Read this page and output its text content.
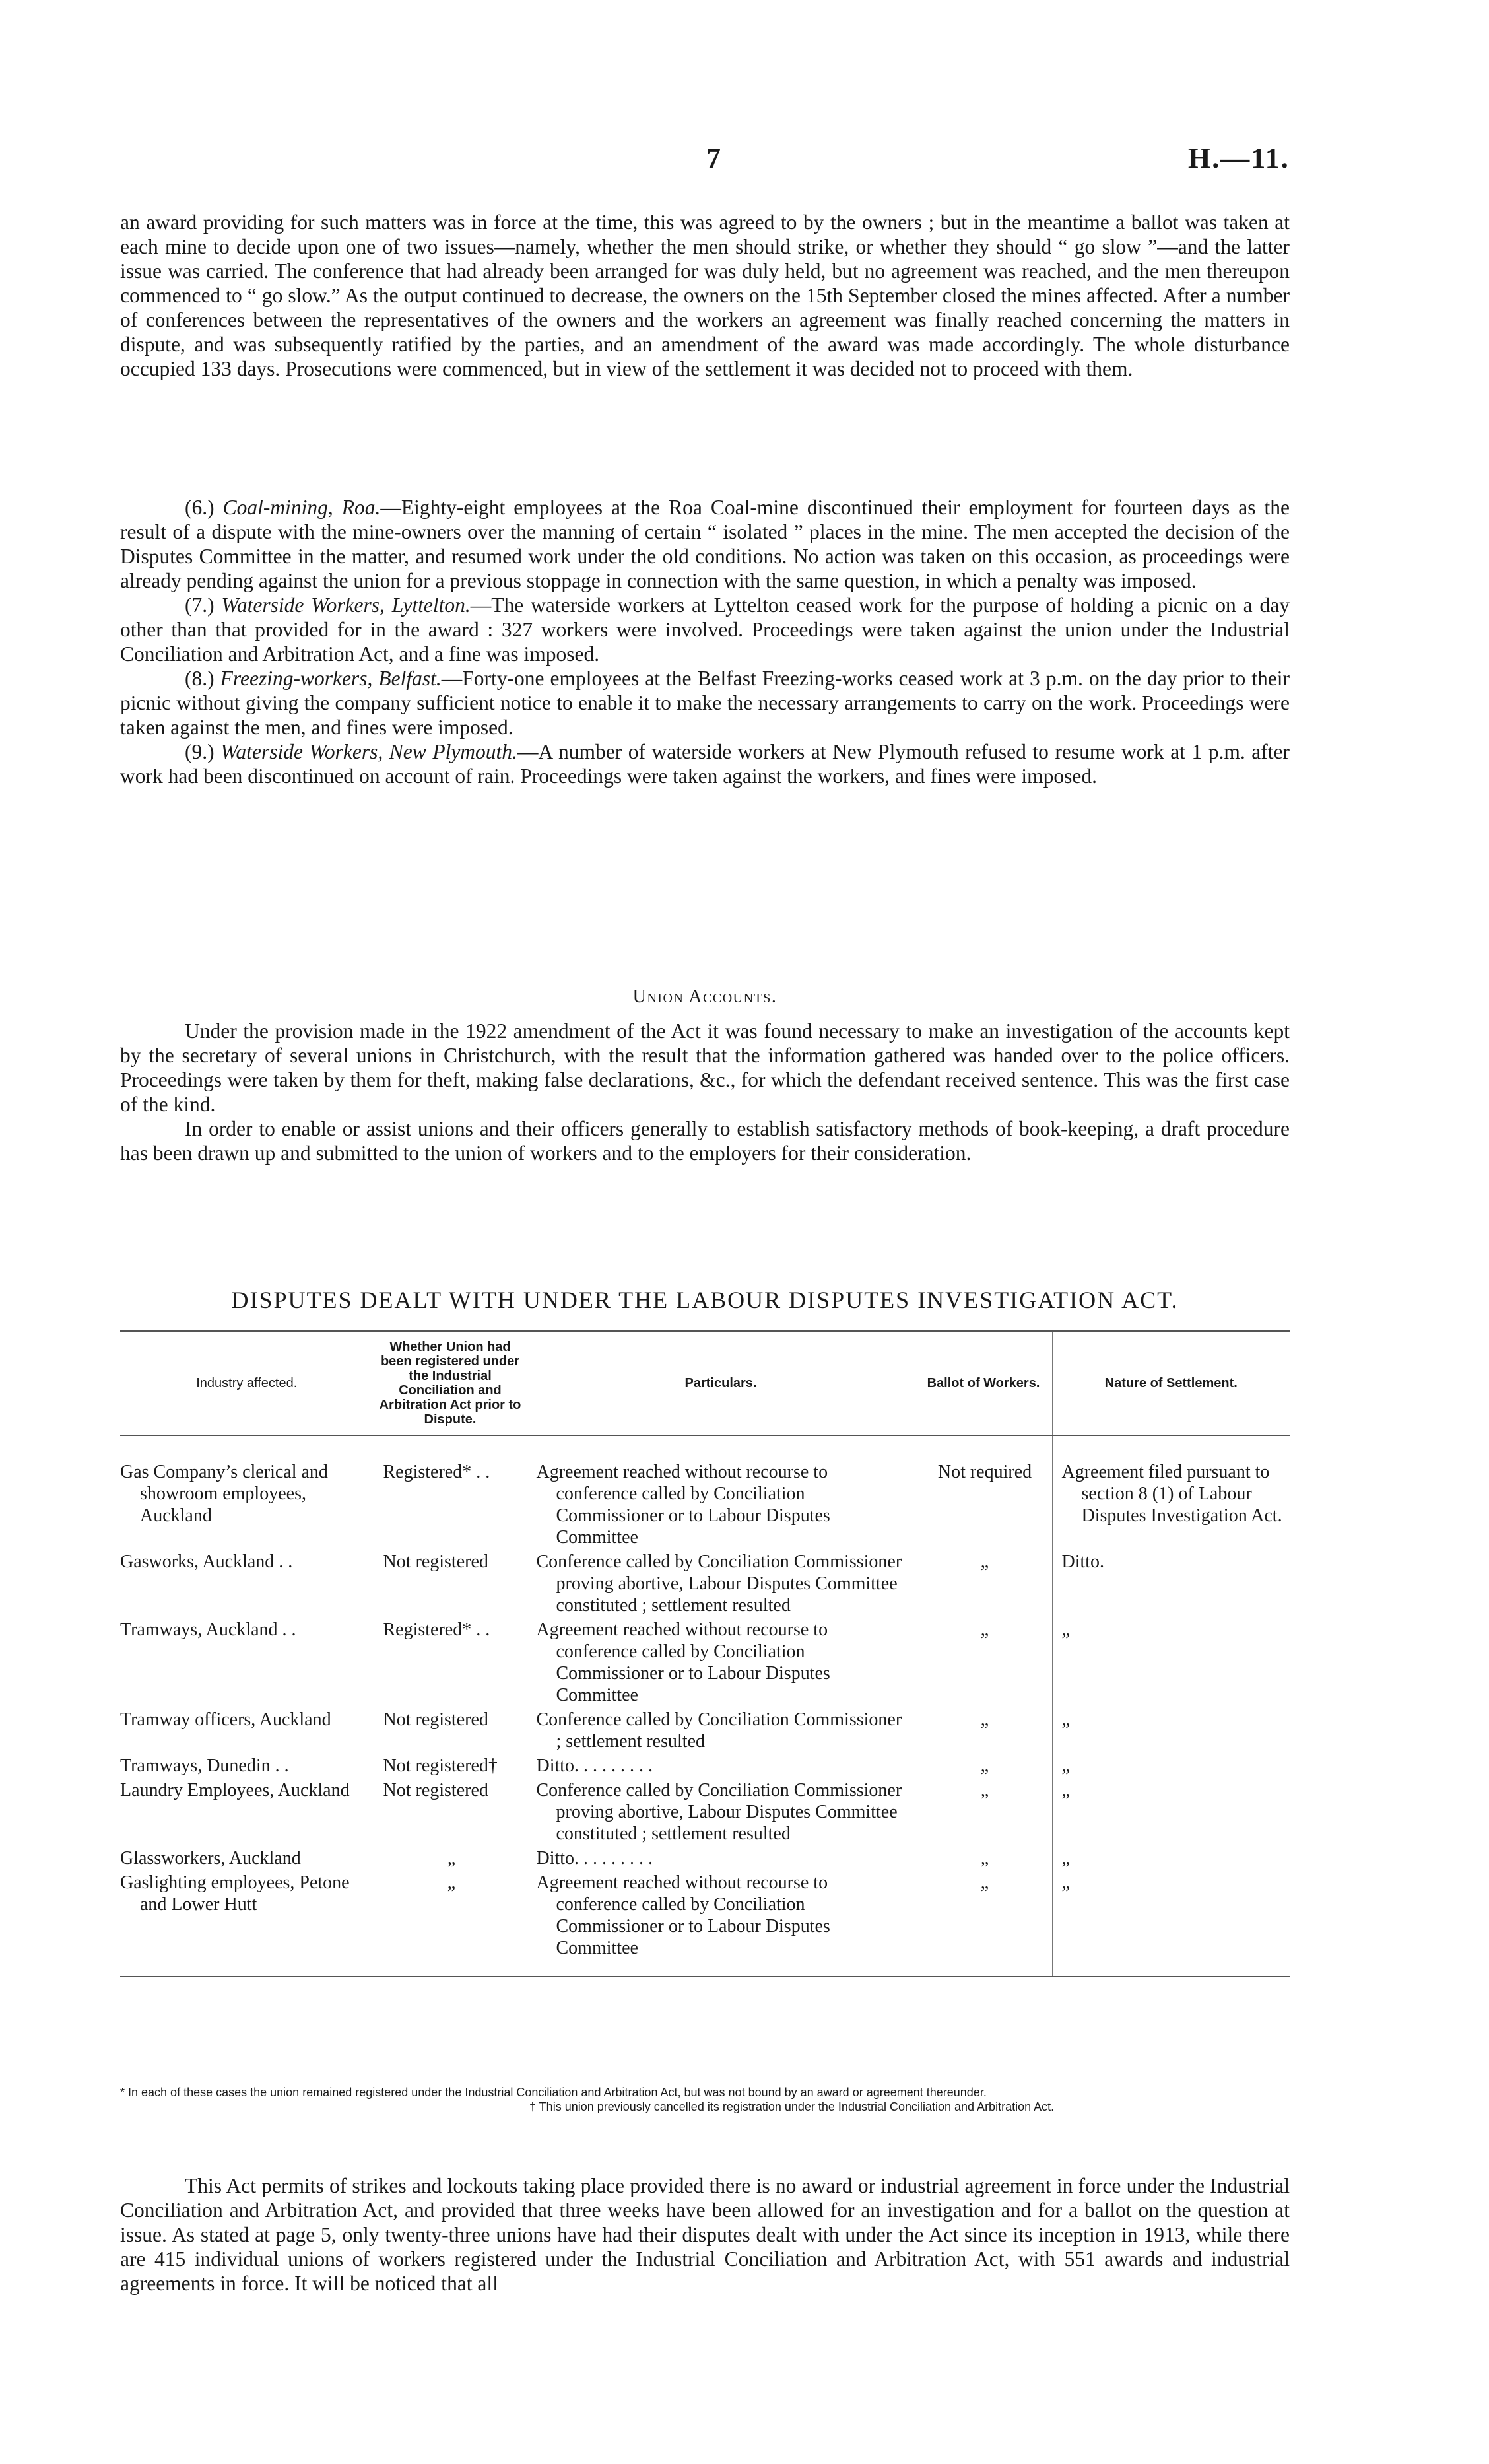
7	H.—11.

an award providing for such matters was in force at the time, this was agreed to by the owners ; but in the meantime a ballot was taken at each mine to decide upon one of two issues—namely, whether the men should strike, or whether they should “ go slow ”—and the latter issue was carried. The conference that had already been arranged for was duly held, but no agreement was reached, and the men thereupon commenced to “ go slow.” As the output continued to decrease, the owners on the 15th September closed the mines affected. After a number of conferences between the representatives of the owners and the workers an agreement was finally reached concerning the matters in dispute, and was subsequently ratified by the parties, and an amendment of the award was made accordingly. The whole disturbance occupied 133 days. Prosecutions were commenced, but in view of the settlement it was decided not to proceed with them.

(6.) Coal-mining, Roa.—Eighty-eight employees at the Roa Coal-mine discontinued their employment for fourteen days as the result of a dispute with the mine-owners over the manning of certain “ isolated ” places in the mine. The men accepted the decision of the Disputes Committee in the matter, and resumed work under the old conditions. No action was taken on this occasion, as proceedings were already pending against the union for a previous stoppage in connection with the same question, in which a penalty was imposed.

(7.) Waterside Workers, Lyttelton.—The waterside workers at Lyttelton ceased work for the purpose of holding a picnic on a day other than that provided for in the award : 327 workers were involved. Proceedings were taken against the union under the Industrial Conciliation and Arbitration Act, and a fine was imposed.

(8.) Freezing-workers, Belfast.—Forty-one employees at the Belfast Freezing-works ceased work at 3 p.m. on the day prior to their picnic without giving the company sufficient notice to enable it to make the necessary arrangements to carry on the work. Proceedings were taken against the men, and fines were imposed.

(9.) Waterside Workers, New Plymouth.—A number of waterside workers at New Plymouth refused to resume work at 1 p.m. after work had been discontinued on account of rain. Proceedings were taken against the workers, and fines were imposed.

Union Accounts.

Under the provision made in the 1922 amendment of the Act it was found necessary to make an investigation of the accounts kept by the secretary of several unions in Christchurch, with the result that the information gathered was handed over to the police officers. Proceedings were taken by them for theft, making false declarations, &c., for which the defendant received sentence. This was the first case of the kind.

In order to enable or assist unions and their officers generally to establish satisfactory methods of book-keeping, a draft procedure has been drawn up and submitted to the union of workers and to the employers for their consideration.

DISPUTES DEALT WITH UNDER THE LABOUR DISPUTES INVESTIGATION ACT.
Industry affected.	Whether Union had been registered under the Industrial Conciliation and Arbitration Act prior to Dispute.	Particulars.	Ballot of Workers.	Nature of Settlement.
Gas Company’s clerical and showroom employees, Auckland	Registered* . .	Agreement reached without recourse to conference called by Conciliation Commissioner or to Labour Disputes Committee	Not required	Agreement filed pursuant to section 8 (1) of Labour Disputes Investigation Act.
Gasworks, Auckland . .	Not registered	Conference called by Conciliation Commissioner proving abortive, Labour Disputes Committee constituted ; settlement resulted	„	Ditto.
Tramways, Auckland . .	Registered* . .	Agreement reached without recourse to conference called by Conciliation Commissioner or to Labour Disputes Committee	„	„
Tramway officers, Auckland	Not registered	Conference called by Conciliation Commissioner ; settlement resulted	„	„
Tramways, Dunedin . .	Not registered†	Ditto. . . . . . . . .	„	„
Laundry Employees, Auckland	Not registered	Conference called by Conciliation Commissioner proving abortive, Labour Disputes Committee constituted ; settlement resulted	„	„
Glassworkers, Auckland	„	Ditto. . . . . . . . .	„	„
Gaslighting employees, Petone and Lower Hutt	„	Agreement reached without recourse to conference called by Conciliation Commissioner or to Labour Disputes Committee	„	„
* In each of these cases the union remained registered under the Industrial Conciliation and Arbitration Act, but was not bound by an award or agreement thereunder.
† This union previously cancelled its registration under the Industrial Conciliation and Arbitration Act.

This Act permits of strikes and lockouts taking place provided there is no award or industrial agreement in force under the Industrial Conciliation and Arbitration Act, and provided that three weeks have been allowed for an investigation and for a ballot on the question at issue. As stated at page 5, only twenty-three unions have had their disputes dealt with under the Act since its inception in 1913, while there are 415 individual unions of workers registered under the Industrial Conciliation and Arbitration Act, with 551 awards and industrial agreements in force. It will be noticed that all
